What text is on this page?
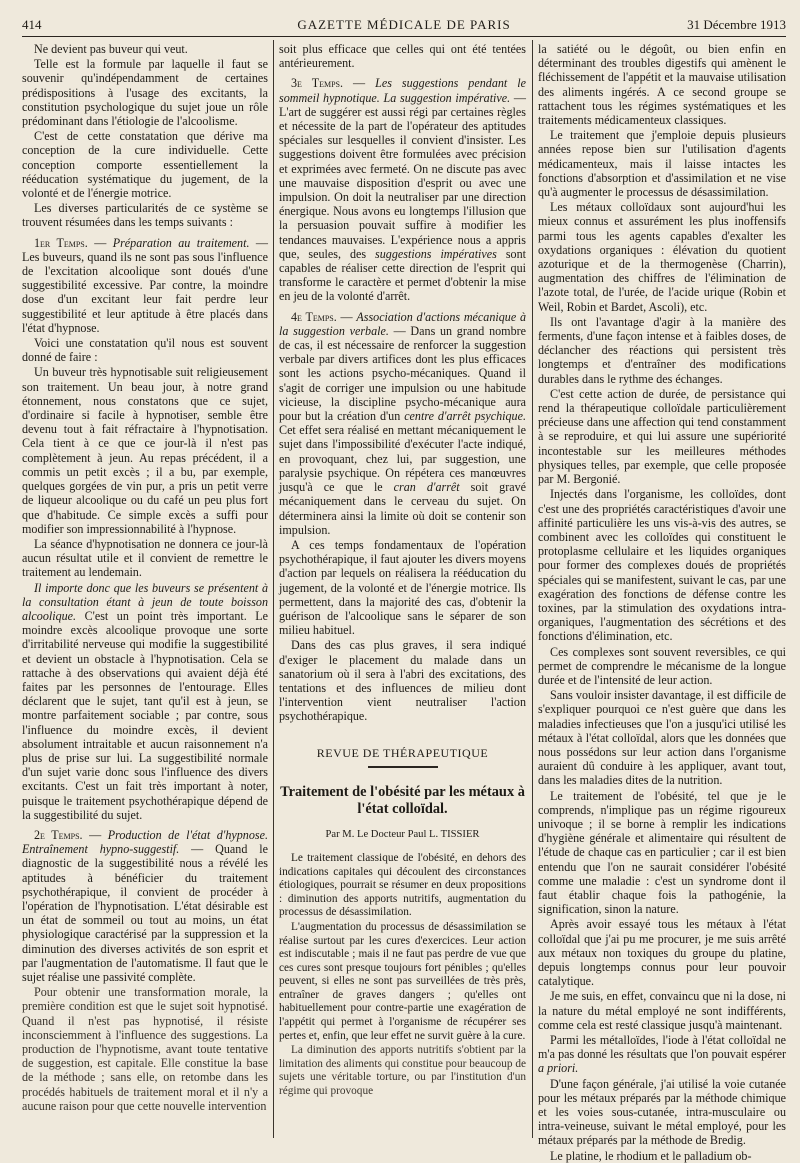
414	GAZETTE MÉDICALE DE PARIS	31 Décembre 1913

Ne devient pas buveur qui veut.

Telle est la formule par laquelle il faut se souvenir qu'indépendamment de certaines prédispositions à l'usage des excitants, la constitution psychologique du sujet joue un rôle prédominant dans l'étiologie de l'alcoolisme.

C'est de cette constatation que dérive ma conception de la cure individuelle. Cette conception comporte essentiellement la rééducation systématique du jugement, de la volonté et de l'énergie motrice.

Les diverses particularités de ce système se trouvent résumées dans les temps suivants :

1er Temps. — Préparation au traitement. — Les buveurs, quand ils ne sont pas sous l'influence de l'excitation alcoolique sont doués d'une suggestibilité excessive. Par contre, la moindre dose d'un excitant leur fait perdre leur suggestibilité et leur aptitude à être placés dans l'état d'hypnose.

Voici une constatation qu'il nous est souvent donné de faire :

Un buveur très hypnotisable suit religieusement son traitement. Un beau jour, à notre grand étonnement, nous constatons que ce sujet, d'ordinaire si facile à hypnotiser, semble être devenu tout à fait réfractaire à l'hypnotisation. Cela tient à ce que ce jour-là il n'est pas complètement à jeun. Au repas précédent, il a commis un petit excès ; il a bu, par exemple, quelques gorgées de vin pur, a pris un petit verre de liqueur alcoolique ou du café un peu plus fort que d'habitude. Ce simple excès a suffi pour modifier son impressionnabilité à l'hypnose.

La séance d'hypnotisation ne donnera ce jour-là aucun résultat utile et il convient de remettre le traitement au lendemain.

Il importe donc que les buveurs se présentent à la consultation étant à jeun de toute boisson alcoolique. C'est un point très important. Le moindre excès alcoolique provoque une sorte d'irritabilité nerveuse qui modifie la suggestibilité et devient un obstacle à l'hypnotisation. Cela se rattache à des observations qui avaient déjà été faites par les personnes de l'entourage. Elles déclarent que le sujet, tant qu'il est à jeun, se montre parfaitement sociable ; par contre, sous l'influence du moindre excès, il devient absolument intraitable et aucun raisonnement n'a plus de prise sur lui. La suggestibilité normale d'un sujet varie donc sous l'influence des divers excitants. C'est un fait très important à noter, puisque le traitement psychothérapique dépend de la suggestibilité du sujet.

2e Temps. — Production de l'état d'hypnose. Entraînement hypno-suggestif. — Quand le diagnostic de la suggestibilité nous a révélé les aptitudes à bénéficier du traitement psychothérapique, il convient de procéder à l'opération de l'hypnotisation. L'état désirable est un état de sommeil ou tout au moins, un état physiologique caractérisé par la suppression et la diminution des diverses activités de son esprit et par l'augmentation de l'automatisme. Il faut que le sujet réalise une passivité complète.

Pour obtenir une transformation morale, la première condition est que le sujet soit hypnotisé. Quand il n'est pas hypnotisé, il résiste inconsciemment à l'influence des suggestions. La production de l'hypnotisme, avant toute tentative de suggestion, est capitale. Elle constitue la base de la méthode ; sans elle, on retombe dans les procédés habituels de traitement moral et il n'y a aucune raison pour que cette nouvelle intervention

soit plus efficace que celles qui ont été tentées antérieurement.

3e Temps. — Les suggestions pendant le sommeil hypnotique. La suggestion impérative. — L'art de suggérer est aussi régi par certaines règles et nécessite de la part de l'opérateur des aptitudes spéciales sur lesquelles il convient d'insister. Les suggestions doivent être formulées avec précision et exprimées avec fermeté. On ne discute pas avec une mauvaise disposition d'esprit ou avec une impulsion. On doit la neutraliser par une direction énergique. Nous avons eu longtemps l'illusion que la persuasion pouvait suffire à modifier les tendances mauvaises. L'expérience nous a appris que, seules, des suggestions impératives sont capables de réaliser cette direction de l'esprit qui transforme le caractère et permet d'obtenir la mise en jeu de la volonté d'arrêt.

4e Temps. — Association d'actions mécanique à la suggestion verbale. — Dans un grand nombre de cas, il est nécessaire de renforcer la suggestion verbale par divers artifices dont les plus efficaces sont les actions psycho-mécaniques. Quand il s'agit de corriger une impulsion ou une habitude vicieuse, la discipline psycho-mécanique aura pour but la création d'un centre d'arrêt psychique. Cet effet sera réalisé en mettant mécaniquement le sujet dans l'impossibilité d'exécuter l'acte indiqué, en provoquant, chez lui, par suggestion, une paralysie psychique. On répétera ces manœuvres jusqu'à ce que le cran d'arrêt soit gravé mécaniquement dans le cerveau du sujet. On déterminera ainsi la limite où doit se contenir son impulsion.

A ces temps fondamentaux de l'opération psychothérapique, il faut ajouter les divers moyens d'action par lequels on réalisera la rééducation du jugement, de la volonté et de l'énergie motrice. Ils permettent, dans la majorité des cas, d'obtenir la guérison de l'alcoolique sans le séparer de son milieu habituel.

Dans des cas plus graves, il sera indiqué d'exiger le placement du malade dans un sanatorium où il sera à l'abri des excitations, des tentations et des influences de milieu dont l'intervention vient neutraliser l'action psychothérapique.

REVUE DE THÉRAPEUTIQUE

Traitement de l'obésité par les métaux à l'état colloïdal.

Par M. Le Docteur Paul L. TISSIER

Le traitement classique de l'obésité, en dehors des indications capitales qui découlent des circonstances étiologiques, pourrait se résumer en deux propositions : diminution des apports nutritifs, augmentation du processus de désassimilation.

L'augmentation du processus de désassimilation se réalise surtout par les cures d'exercices. Leur action est indiscutable ; mais il ne faut pas perdre de vue que ces cures sont presque toujours fort pénibles ; qu'elles peuvent, si elles ne sont pas surveillées de très près, entraîner de graves dangers ; qu'elles ont habituellement pour contre-partie une exagération de l'appétit qui permet à l'organisme de récupérer ses pertes et, enfin, que leur effet ne survit guère à la cure.

La diminution des apports nutritifs s'obtient par la limitation des aliments qui constitue pour beaucoup de sujets une véritable torture, ou par l'institution d'un régime qui provoque

la satiété ou le dégoût, ou bien enfin en déterminant des troubles digestifs qui amènent le fléchissement de l'appétit et la mauvaise utilisation des aliments ingérés. A ce second groupe se rattachent tous les régimes systématiques et les traitements médicamenteux classiques.

Le traitement que j'emploie depuis plusieurs années repose bien sur l'utilisation d'agents médicamenteux, mais il laisse intactes les fonctions d'absorption et d'assimilation et ne vise qu'à augmenter le processus de désassimilation.

Les métaux colloïdaux sont aujourd'hui les mieux connus et assurément les plus inoffensifs parmi tous les agents capables d'exalter les oxydations organiques : élévation du quotient azoturique et de la thermogenèse (Charrin), augmentation des chiffres de l'élimination de l'azote total, de l'urée, de l'acide urique (Robin et Weil, Robin et Bardet, Ascoli), etc.

Ils ont l'avantage d'agir à la manière des ferments, d'une façon intense et à faibles doses, de déclancher des réactions qui persistent très longtemps et d'entraîner des modifications durables dans le rythme des échanges.

C'est cette action de durée, de persistance qui rend la thérapeutique colloïdale particulièrement précieuse dans une affection qui tend constamment à se reproduire, et qui lui assure une supériorité incontestable sur les meilleures méthodes physiques telles, par exemple, que celle proposée par M. Bergonié.

Injectés dans l'organisme, les colloïdes, dont c'est une des propriétés caractéristiques d'avoir une affinité particulière les uns vis-à-vis des autres, se combinent avec les colloïdes qui constituent le protoplasme cellulaire et les liquides organiques pour former des complexes doués de propriétés spéciales qui se manifestent, suivant le cas, par une exagération des fonctions de défense contre les toxines, par la stimulation des oxydations intra-organiques, l'augmentation des sécrétions et des fonctions d'élimination, etc.

Ces complexes sont souvent reversibles, ce qui permet de comprendre le mécanisme de la longue durée et de l'intensité de leur action.

Sans vouloir insister davantage, il est difficile de s'expliquer pourquoi ce n'est guère que dans les maladies infectieuses que l'on a jusqu'ici utilisé les métaux à l'état colloïdal, alors que les données que nous possédons sur leur action dans l'organisme auraient dû conduire à les appliquer, avant tout, dans les maladies dites de la nutrition.

Le traitement de l'obésité, tel que je le comprends, n'implique pas un régime rigoureux univoque ; il se borne à remplir les indications d'hygiène générale et alimentaire qui résultent de l'étude de chaque cas en particulier ; car il est bien entendu que l'on ne saurait considérer l'obésité comme une maladie : c'est un syndrome dont il faut établir chaque fois la pathogénie, la signification, sinon la nature.

Après avoir essayé tous les métaux à l'état colloïdal que j'ai pu me procurer, je me suis arrêté aux métaux non toxiques du groupe du platine, depuis longtemps connus pour leur pouvoir catalytique.

Je me suis, en effet, convaincu que ni la dose, ni la nature du métal employé ne sont indifférents, comme cela est resté classique jusqu'à maintenant.

Parmi les métalloïdes, l'iode à l'état colloïdal ne m'a pas donné les résultats que l'on pouvait espérer a priori.

D'une façon générale, j'ai utilisé la voie cutanée pour les métaux préparés par la méthode chimique et les voies sous-cutanée, intra-musculaire ou intra-veineuse, suivant le métal employé, pour les métaux préparés par la méthode de Bredig.

Le platine, le rhodium et le palladium ob-
